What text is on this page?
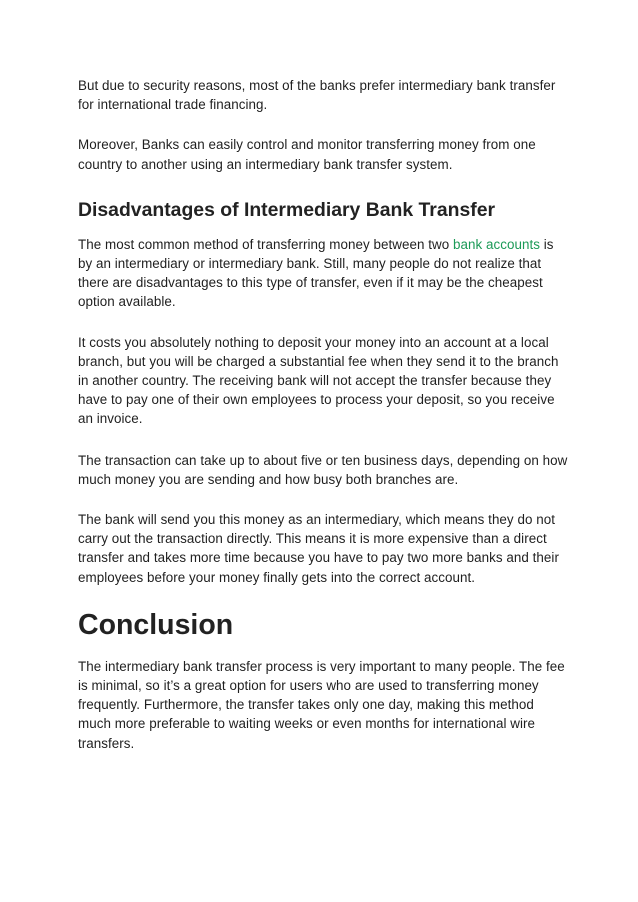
But due to security reasons, most of the banks prefer intermediary bank transfer for international trade financing.

Moreover, Banks can easily control and monitor transferring money from one country to another using an intermediary bank transfer system.

Disadvantages of Intermediary Bank Transfer

The most common method of transferring money between two bank accounts is by an intermediary or intermediary bank. Still, many people do not realize that there are disadvantages to this type of transfer, even if it may be the cheapest option available.

It costs you absolutely nothing to deposit your money into an account at a local branch, but you will be charged a substantial fee when they send it to the branch in another country. The receiving bank will not accept the transfer because they have to pay one of their own employees to process your deposit, so you receive an invoice.

The transaction can take up to about five or ten business days, depending on how much money you are sending and how busy both branches are.

The bank will send you this money as an intermediary, which means they do not carry out the transaction directly. This means it is more expensive than a direct transfer and takes more time because you have to pay two more banks and their employees before your money finally gets into the correct account.

Conclusion

The intermediary bank transfer process is very important to many people. The fee is minimal, so it’s a great option for users who are used to transferring money frequently. Furthermore, the transfer takes only one day, making this method much more preferable to waiting weeks or even months for international wire transfers.
